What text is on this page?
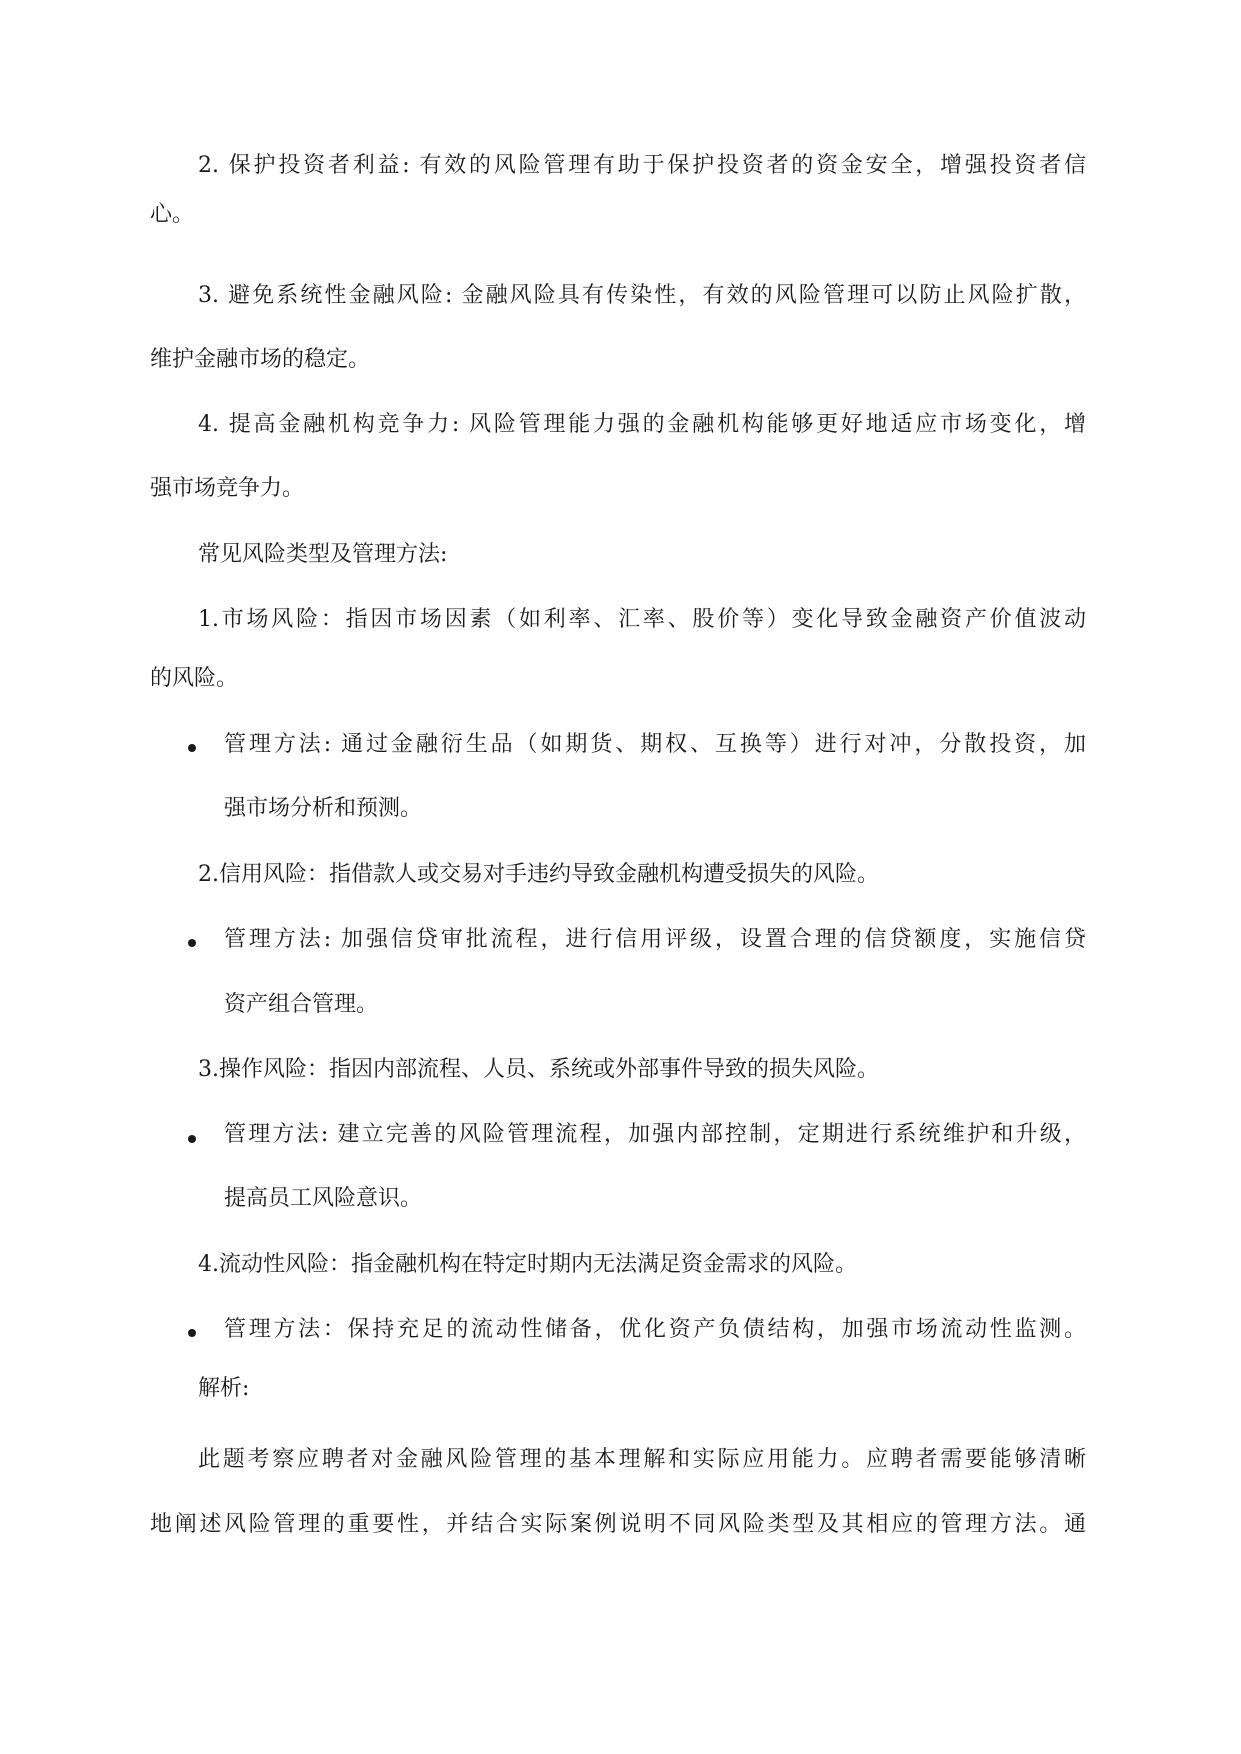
2. 保护投资者利益: 有效的风险管理有助于保护投资者的资金安全，增强投资者信
心。
3. 避免系统性金融风险: 金融风险具有传染性，有效的风险管理可以防止风险扩散，
维护金融市场的稳定。
4. 提高金融机构竞争力: 风险管理能力强的金融机构能够更好地适应市场变化，增
强市场竞争力。
常见风险类型及管理方法:
1.市场风险：指因市场因素（如利率、汇率、股价等）变化导致金融资产价值波动
的风险。
管理方法: 通过金融衍生品（如期货、期权、互换等）进行对冲，分散投资，加
强市场分析和预测。
2.信用风险：指借款人或交易对手违约导致金融机构遭受损失的风险。
管理方法: 加强信贷审批流程，进行信用评级，设置合理的信贷额度，实施信贷
资产组合管理。
3.操作风险：指因内部流程、人员、系统或外部事件导致的损失风险。
管理方法: 建立完善的风险管理流程，加强内部控制，定期进行系统维护和升级，
提高员工风险意识。
4.流动性风险：指金融机构在特定时期内无法满足资金需求的风险。
管理方法：保持充足的流动性储备，优化资产负债结构，加强市场流动性监测。
解析:
此题考察应聘者对金融风险管理的基本理解和实际应用能力。应聘者需要能够清晰
地阐述风险管理的重要性，并结合实际案例说明不同风险类型及其相应的管理方法。通
